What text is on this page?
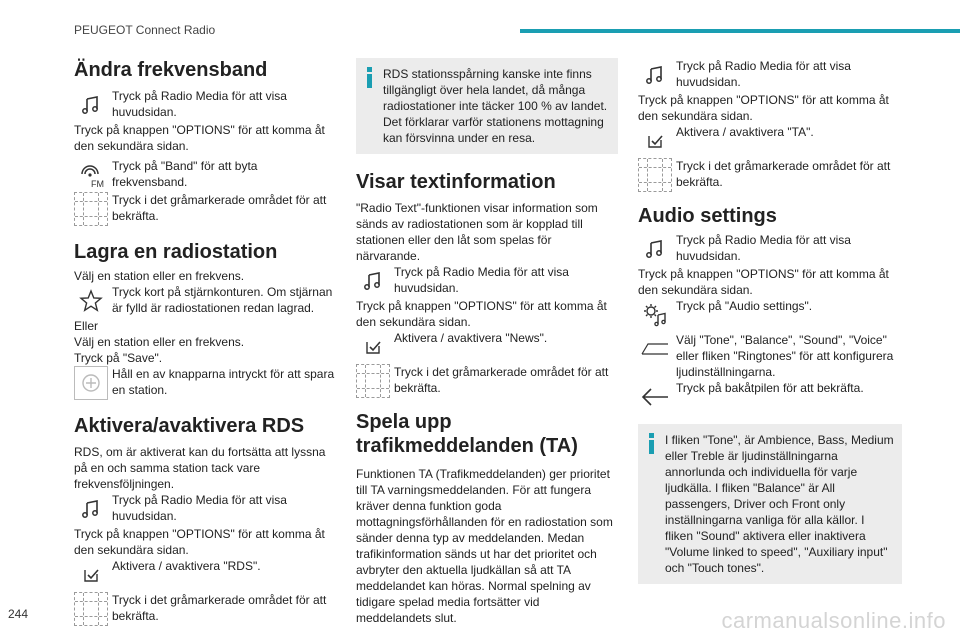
PEUGEOT Connect Radio
Ändra frekvensband
Tryck på Radio Media för att visa huvudsidan.

Tryck på knappen "OPTIONS" för att komma åt den sekundära sidan.

FM
Tryck på "Band" för att byta frekvensband.
Tryck i det gråmarkerade området för att bekräfta.
Lagra en radiostation

Välj en station eller en frekvens.

Tryck kort på stjärnkonturen. Om stjärnan är fylld är radiostationen redan lagrad.

Eller

Välj en station eller en frekvens.

Tryck på "Save".

Håll en av knapparna intryckt för att spara en station.
Aktivera/avaktivera RDS

RDS, om är aktiverat kan du fortsätta att lyssna på en och samma station tack vare frekvensföljningen.

Tryck på Radio Media för att visa huvudsidan.

Tryck på knappen "OPTIONS" för att komma åt den sekundära sidan.

Aktivera / avaktivera "RDS".
Tryck i det gråmarkerade området för att bekräfta.

RDS stationsspårning kanske inte finns tillgängligt över hela landet, då många radiostationer inte täcker 100 % av landet. Det förklarar varför stationens mottagning kan försvinna under en resa.

Visar textinformation

"Radio Text"-funktionen visar information som sänds av radiostationen som är kopplad till stationen eller den låt som spelas för närvarande.

Tryck på Radio Media för att visa huvudsidan.

Tryck på knappen "OPTIONS" för att komma åt den sekundära sidan.

Aktivera / avaktivera "News".
Tryck i det gråmarkerade området för att bekräfta.
Spela upp trafikmeddelanden (TA)

Funktionen TA (Trafikmeddelanden) ger prioritet till TA varningsmeddelanden. För att fungera kräver denna funktion goda mottagningsförhållanden för en radiostation som sänder denna typ av meddelanden. Medan trafikinformation sänds ut har det prioritet och avbryter den aktuella ljudkällan så att TA meddelandet kan höras. Normal spelning av tidigare spelad media fortsätter vid meddelandets slut.

Tryck på Radio Media för att visa huvudsidan.

Tryck på knappen "OPTIONS" för att komma åt den sekundära sidan.

Aktivera / avaktivera "TA".
Tryck i det gråmarkerade området för att bekräfta.
Audio settings
Tryck på Radio Media för att visa huvudsidan.

Tryck på knappen "OPTIONS" för att komma åt den sekundära sidan.

Tryck på "Audio settings".
Välj "Tone", "Balance", "Sound", "Voice" eller fliken "Ringtones" för att konfigurera ljudinställningarna.
Tryck på bakåtpilen för att bekräfta.

I fliken "Tone", är Ambience, Bass, Medium eller Treble är ljudinställningarna annorlunda och individuella för varje ljudkälla. I fliken "Balance" är All passengers, Driver och Front only inställningarna vanliga för alla källor. I fliken "Sound" aktivera eller inaktivera "Volume linked to speed", "Auxiliary input" och "Touch tones".

244	carmanualsonline.info
